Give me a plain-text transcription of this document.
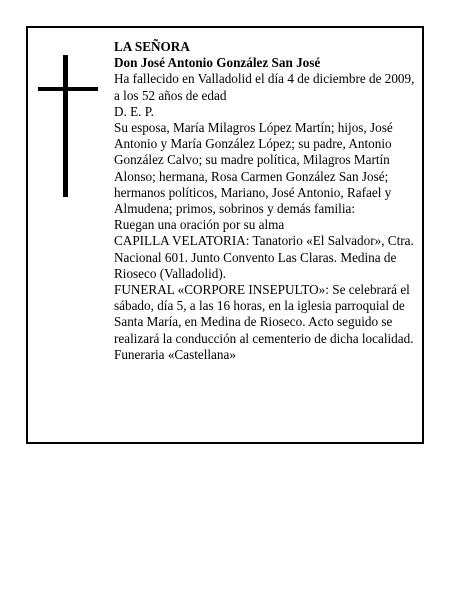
LA SEÑORA

Don José Antonio González San José

Ha fallecido en Valladolid el día 4 de diciembre de 2009, a los 52 años de edad

D. E. P.

Su esposa, María Milagros López Martín; hijos, José Antonio y María González López; su padre, Antonio González Calvo; su madre política, Milagros Martín Alonso; hermana, Rosa Carmen González San José; hermanos políticos, Mariano, José Antonio, Rafael y Almudena; primos, sobrinos y demás familia:

Ruegan una oración por su alma

CAPILLA VELATORIA: Tanatorio «El Salvador», Ctra. Nacional 601. Junto Convento Las Claras. Medina de Rioseco (Valladolid).

FUNERAL «CORPORE INSEPULTO»: Se celebrará el sábado, día 5, a las 16 horas, en la iglesia parroquial de Santa María, en Medina de Rioseco. Acto seguido se realizará la conducción al cementerio de dicha localidad.

Funeraria «Castellana»
